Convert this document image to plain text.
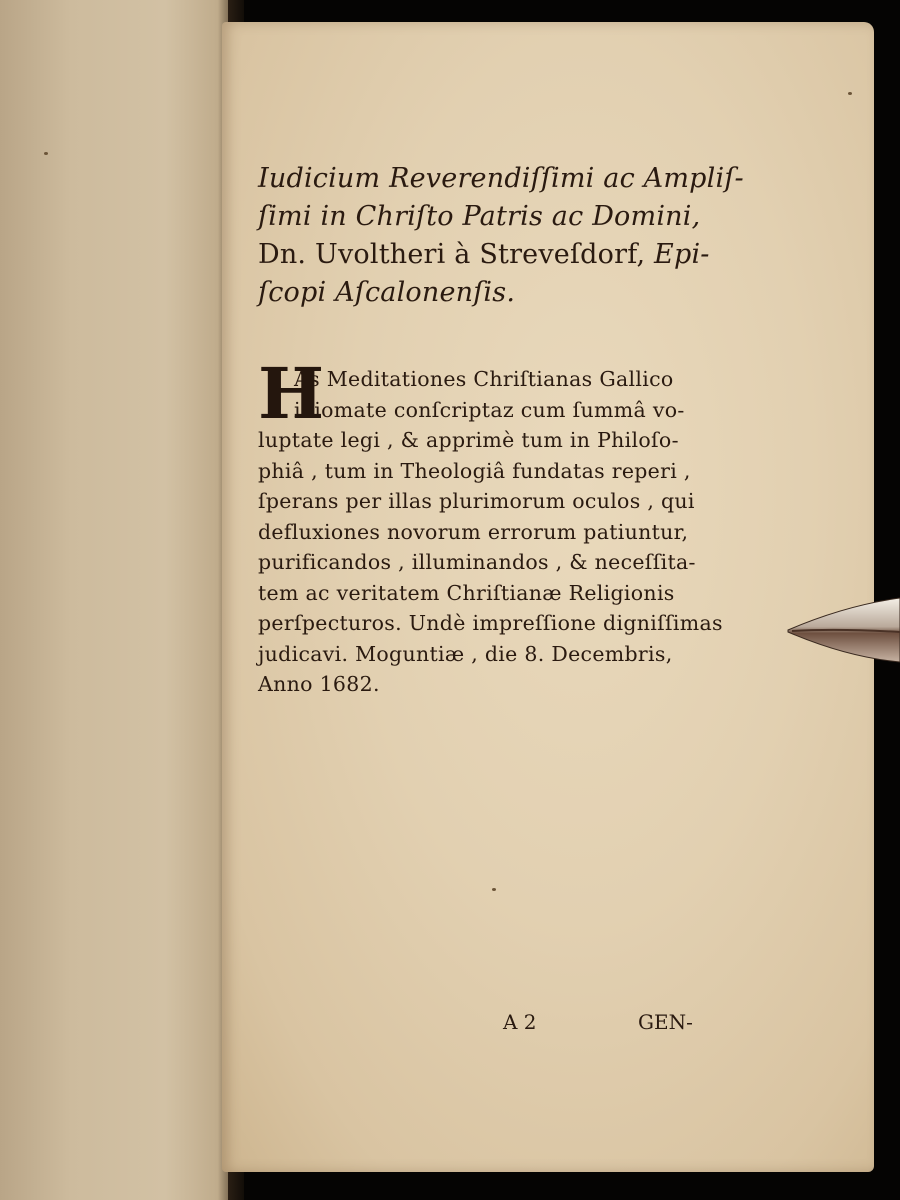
Iudicium Reverendiſſimi ac Ampliſ-

ſimi in Chriſto Patris ac Domini,

Dn. Uvoltheri à Streveſdorf, Epi-

ſcopi Aſcalonenſis.

H

As Meditationes Chriſtianas Gallico

idiomate conſcriptaz cum ſummâ vo-

luptate legi , & apprimè tum in Philoſo-

phiâ , tum in Theologiâ fundatas reperi ,

ſperans per illas plurimorum oculos , qui

defluxiones novorum errorum patiuntur,

purificandos , illuminandos , & neceſſita-

tem ac veritatem Chriſtianæ Religionis

perſpecturos. Undè impreſſione digniſſimas

judicavi. Moguntiæ , die 8. Decembris,

Anno 1682.

A 2	GEN-
